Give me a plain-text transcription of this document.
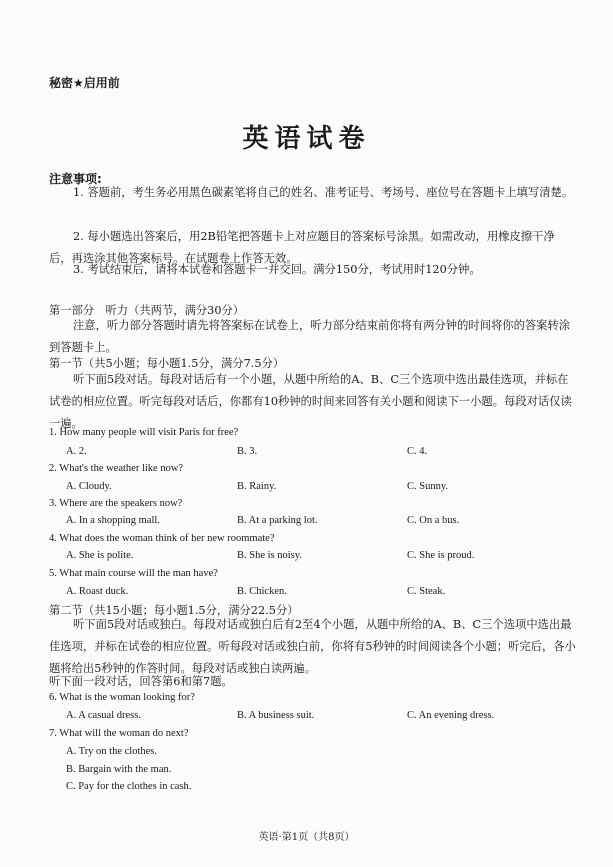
秘密★启用前
英语试卷
注意事项:
1. 答题前，考生务必用黑色碳素笔将自己的姓名、准考证号、考场号、座位号在答题卡上填写清楚。
2. 每小题选出答案后，用2B铅笔把答题卡上对应题目的答案标号涂黑。如需改动，用橡皮擦干净后，再选涂其他答案标号。在试题卷上作答无效。
3. 考试结束后，请将本试卷和答题卡一并交回。满分150分，考试用时120分钟。
第一部分　听力（共两节，满分30分）
注意，听力部分答题时请先将答案标在试卷上，听力部分结束前你将有两分钟的时间将你的答案转涂到答题卡上。
第一节（共5小题；每小题1.5分，满分7.5分）
听下面5段对话。每段对话后有一个小题，从题中所给的A、B、C三个选项中选出最佳选项，并标在试卷的相应位置。听完每段对话后，你都有10秒钟的时间来回答有关小题和阅读下一小题。每段对话仅读一遍。
1. How many people will visit Paris for free?
A. 2.	B. 3.	C. 4.
2. What's the weather like now?
A. Cloudy.	B. Rainy.	C. Sunny.
3. Where are the speakers now?
A. In a shopping mall.	B. At a parking lot.	C. On a bus.
4. What does the woman think of her new roommate?
A. She is polite.	B. She is noisy.	C. She is proud.
5. What main course will the man have?
A. Roast duck.	B. Chicken.	C. Steak.
第二节（共15小题；每小题1.5分，满分22.5分）
听下面5段对话或独白。每段对话或独白后有2至4个小题，从题中所给的A、B、C三个选项中选出最佳选项，并标在试卷的相应位置。听每段对话或独白前，你将有5秒钟的时间阅读各个小题；听完后，各小题将给出5秒钟的作答时间。每段对话或独白读两遍。
听下面一段对话，回答第6和第7题。
6. What is the woman looking for?
A. A casual dress.	B. A business suit.	C. An evening dress.
7. What will the woman do next?
A. Try on the clothes.
B. Bargain with the man.
C. Pay for the clothes in cash.
英语·第1页（共8页）
